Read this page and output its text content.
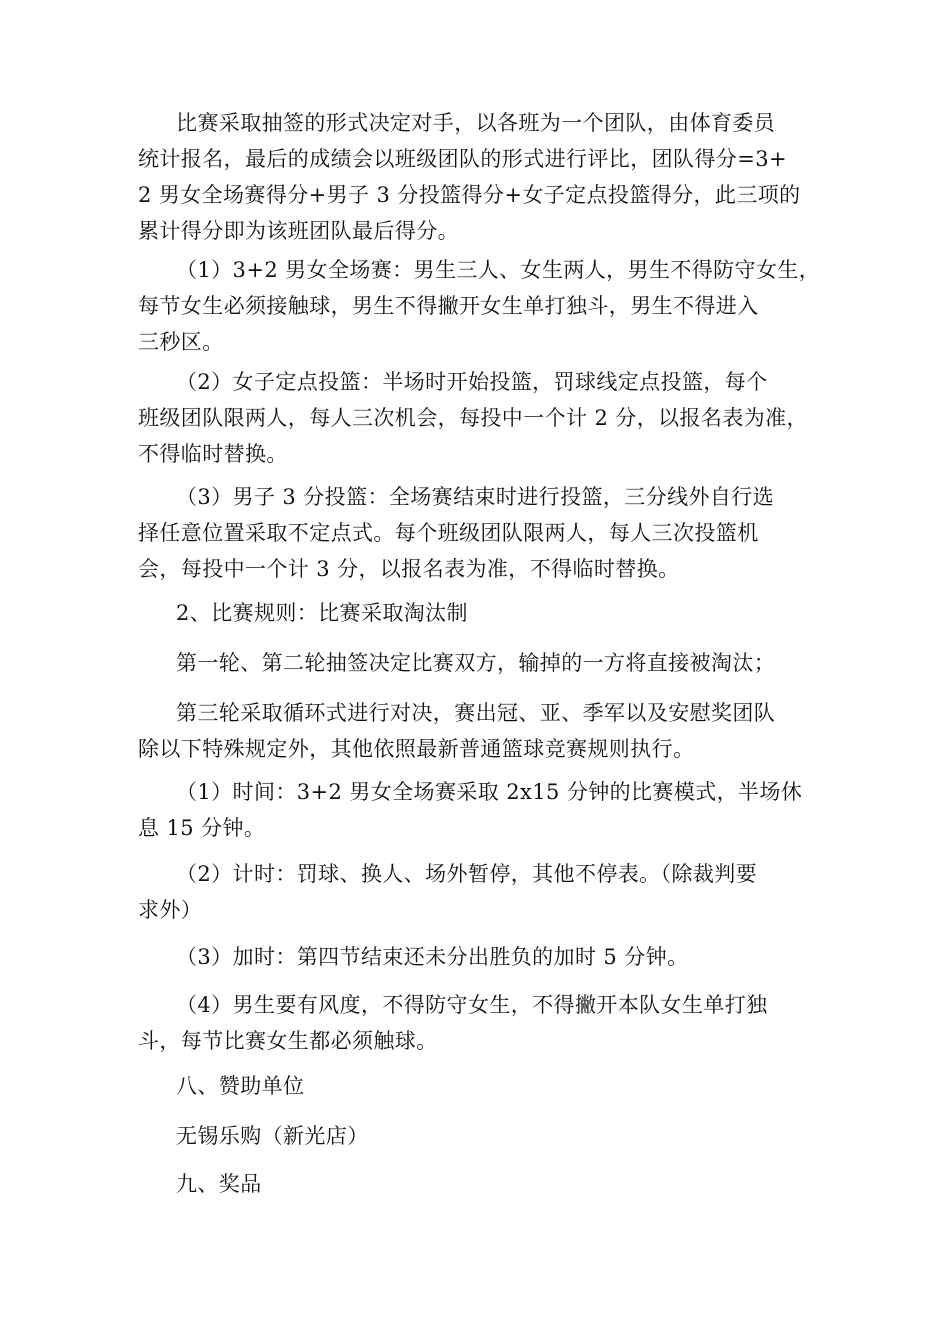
比赛采取抽签的形式决定对手，以各班为一个团队，由体育委员
统计报名，最后的成绩会以班级团队的形式进行评比，团队得分=3+
2 男女全场赛得分+男子 3 分投篮得分+女子定点投篮得分，此三项的
累计得分即为该班团队最后得分。
（1）3+2 男女全场赛：男生三人、女生两人，男生不得防守女生，
每节女生必须接触球，男生不得撇开女生单打独斗，男生不得进入
三秒区。
（2）女子定点投篮：半场时开始投篮，罚球线定点投篮，每个
班级团队限两人，每人三次机会，每投中一个计 2 分，以报名表为准，
不得临时替换。
（3）男子 3 分投篮：全场赛结束时进行投篮，三分线外自行选
择任意位置采取不定点式。每个班级团队限两人，每人三次投篮机
会，每投中一个计 3 分，以报名表为准，不得临时替换。
2、比赛规则：比赛采取淘汰制
第一轮、第二轮抽签决定比赛双方，输掉的一方将直接被淘汰；
第三轮采取循环式进行对决，赛出冠、亚、季军以及安慰奖团队
除以下特殊规定外，其他依照最新普通篮球竞赛规则执行。
（1）时间：3+2 男女全场赛采取 2x15 分钟的比赛模式，半场休
息 15 分钟。
（2）计时：罚球、换人、场外暂停，其他不停表。（除裁判要
求外）
（3）加时：第四节结束还未分出胜负的加时 5 分钟。
（4）男生要有风度，不得防守女生，不得撇开本队女生单打独
斗，每节比赛女生都必须触球。
八、赞助单位
无锡乐购（新光店）
九、奖品
